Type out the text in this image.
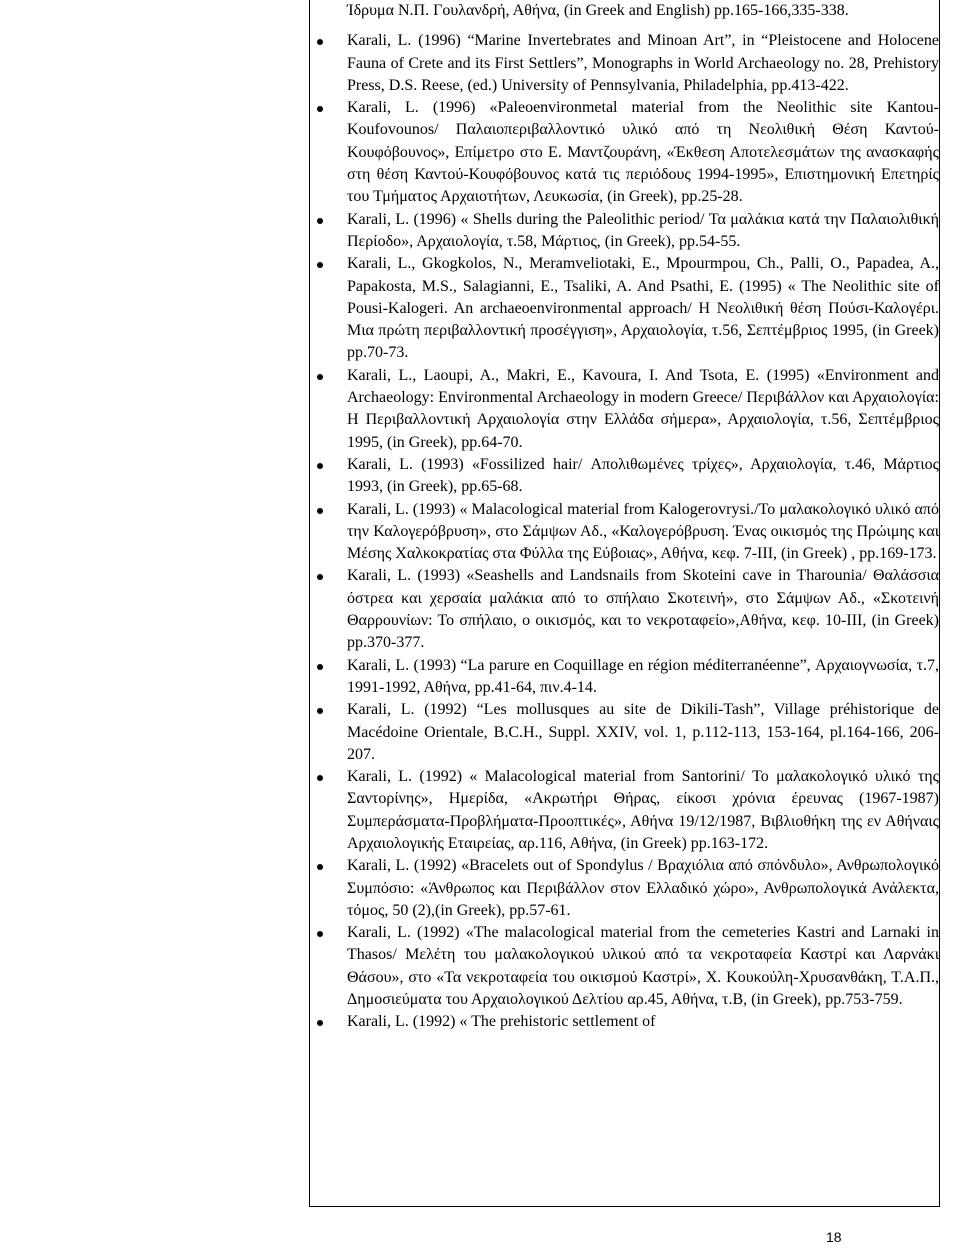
Ίδρυμα Ν.Π. Γουλανδρή, Αθήνα, (in Greek and English) pp.165-166,335-338.

Karali, L. (1996) “Marine Invertebrates and Minoan Art”, in “Pleistocene and Holocene Fauna of Crete and its First Settlers”, Monographs in World Archaeology no. 28, Prehistory Press, D.S. Reese, (ed.) University of Pennsylvania, Philadelphia, pp.413-422.

Karali, L. (1996) «Paleoenvironmetal material from the Neolithic site Kantou-Koufovounos/ Παλαιοπεριβαλλοντικό υλικό από τη Νεολιθική Θέση Καντού-Κουφόβουνος», Επίμετρο στο Ε. Μαντζουράνη, «Έκθεση Αποτελεσμάτων της ανασκαφής στη θέση Καντού-Κουφόβουνος κατά τις περιόδους 1994-1995», Επιστημονική Επετηρίς του Τμήματος Αρχαιοτήτων, Λευκωσία, (in Greek), pp.25-28.

Karali, L. (1996) « Shells during the Paleolithic period/ Τα μαλάκια κατά την Παλαιολιθική Περίοδο», Αρχαιολογία, τ.58, Μάρτιος, (in Greek), pp.54-55.

Karali, L., Gkogkolos, N., Meramveliotaki, E., Mpourmpou, Ch., Palli, O., Papadea, A., Papakosta, M.S., Salagianni, E., Tsaliki, A. And Psathi, E. (1995) « The Neolithic site of Pousi-Kalogeri. An archaeoenvironmental approach/ Η Νεολιθική θέση Πούσι-Καλογέρι. Μια πρώτη περιβαλλοντική προσέγγιση», Αρχαιολογία, τ.56, Σεπτέμβριος 1995, (in Greek) pp.70-73.

Karali, L., Laoupi, A., Makri, E., Kavoura, I. And Tsota, E. (1995) «Environment and Archaeology: Environmental Archaeology in modern Greece/ Περιβάλλον και Αρχαιολογία: Η Περιβαλλοντική Αρχαιολογία στην Ελλάδα σήμερα», Αρχαιολογία, τ.56, Σεπτέμβριος 1995, (in Greek), pp.64-70.

Karali, L. (1993) «Fossilized hair/ Απολιθωμένες τρίχες», Αρχαιολογία, τ.46, Μάρτιος 1993, (in Greek), pp.65-68.

Karali, L. (1993) « Malacological material from Kalogerovrysi./Το μαλακολογικό υλικό από την Καλογερόβρυση», στο Σάμψων Αδ., «Καλογερόβρυση. Ένας οικισμός της Πρώιμης και Μέσης Χαλκοκρατίας στα Φύλλα της Εύβοιας», Αθήνα, κεφ. 7-ΙΙΙ, (in Greek) , pp.169-173.

Karali, L. (1993) «Seashells and Landsnails from Skoteini cave in Tharounia/ Θαλάσσια όστρεα και χερσαία μαλάκια από το σπήλαιο Σκοτεινή», στο Σάμψων Αδ., «Σκοτεινή Θαρρουνίων: Το σπήλαιο, ο οικισμός, και το νεκροταφείο»,Αθήνα, κεφ. 10-ΙΙΙ, (in Greek) pp.370-377.

Karali, L. (1993) “La parure en Coquillage en région méditerranéenne”, Αρχαιογνωσία, τ.7, 1991-1992, Αθήνα, pp.41-64, πιν.4-14.

Karali, L. (1992) “Les mollusques au site de Dikili-Tash”, Village préhistorique de Macédoine Orientale, B.C.H., Suppl. XXIV, vol. 1, p.112-113, 153-164, pl.164-166, 206-207.

Karali, L. (1992) « Malacological material from Santorini/ Το μαλακολογικό υλικό της Σαντορίνης», Ημερίδα, «Ακρωτήρι Θήρας, είκοσι χρόνια έρευνας (1967-1987) Συμπεράσματα-Προβλήματα-Προοπτικές», Αθήνα 19/12/1987, Βιβλιοθήκη της εν Αθήναις Αρχαιολογικής Εταιρείας, αρ.116, Αθήνα, (in Greek) pp.163-172.

Karali, L. (1992) «Bracelets out of Spondylus / Βραχιόλια από σπόνδυλο», Ανθρωπολογικό Συμπόσιο: «Άνθρωπος και Περιβάλλον στον Ελλαδικό χώρο», Ανθρωπολογικά Ανάλεκτα, τόμος, 50 (2),(in Greek), pp.57-61.

Karali, L. (1992) «The malacological material from the cemeteries Kastri and Larnaki in Thasos/ Μελέτη του μαλακολογικού υλικού από τα νεκροταφεία Καστρί και Λαρνάκι Θάσου», στο «Τα νεκροταφεία του οικισμού Καστρί», Χ. Κουκούλη-Χρυσανθάκη, Τ.Α.Π., Δημοσιεύματα του Αρχαιολογικού Δελτίου αρ.45, Αθήνα, τ.Β, (in Greek), pp.753-759.

Karali, L. (1992) « The prehistoric settlement of

18
